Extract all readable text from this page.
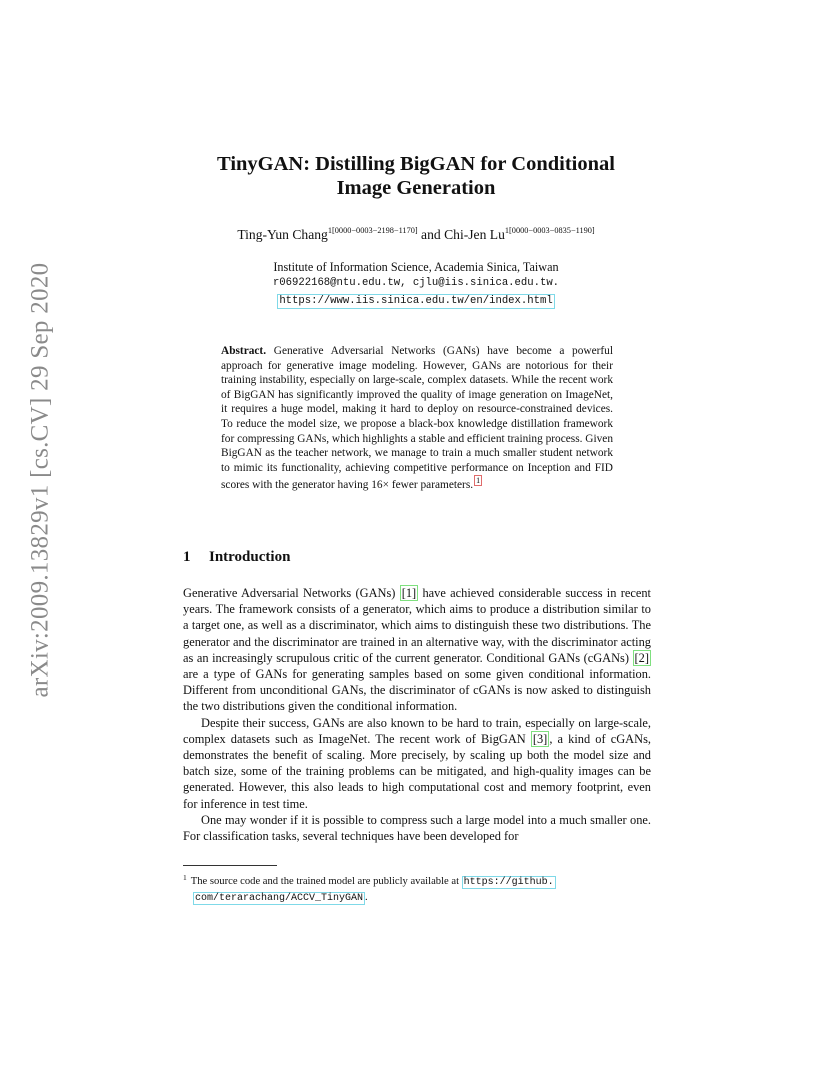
arXiv:2009.13829v1 [cs.CV] 29 Sep 2020
TinyGAN: Distilling BigGAN for Conditional
Image Generation
Ting-Yun Chang$^{1[0000-0003-2198-1170]}$ and Chi-Jen $Lu^{1[0000-0003-0835-1190]}$
Institute of Information Science, Academia Sinica, Taiwan
r06922168@ntu.edu.tw, cjlu@iis.sinica.edu.tw.
https://www.iis.sinica.edu.tw/en/index.html
Abstract. Generative Adversarial Networks (GANs) have become a powerful approach for generative image modeling. However, GANs are notorious for their training instability, especially on large-scale, complex datasets. While the recent work of BigGAN has significantly improved the quality of image generation on ImageNet, it requires a huge model, making it hard to deploy on resource-constrained devices. To reduce the model size, we propose a black-box knowledge distillation framework for compressing GANs, which highlights a stable and efficient training process. Given BigGAN as the teacher network, we manage to train a much smaller student network to mimic its functionality, achieving competitive performance on Inception and FID scores with the generator having 16× fewer parameters. 1
1 Introduction

Generative Adversarial Networks (GANs) [1] have achieved considerable success in recent years. The framework consists of a generator, which aims to produce a distribution similar to a target one, as well as a discriminator, which aims to distinguish these two distributions. The generator and the discriminator are trained in an alternative way, with the discriminator acting as an increasingly scrupulous critic of the current generator. Conditional GANs (cGANs) [2] are a type of GANs for generating samples based on some given conditional information. Different from unconditional GANs, the discriminator of cGANs is now asked to distinguish the two distributions given the conditional information.

Despite their success, GANs are also known to be hard to train, especially on large-scale, complex datasets such as ImageNet. The recent work of BigGAN [3] , a kind of cGANs, demonstrates the benefit of scaling. More precisely, by scaling up both the model size and batch size, some of the training problems can be mitigated, and high-quality images can be generated. However, this also leads to high computational cost and memory footprint, even for inference in test time.

One may wonder if it is possible to compress such a large model into a much smaller one. For classification tasks, several techniques have been developed for

$^1$ The source code and the trained model are publicly available at https://github.
com/terarachang/ACCV_TinyGAN .
